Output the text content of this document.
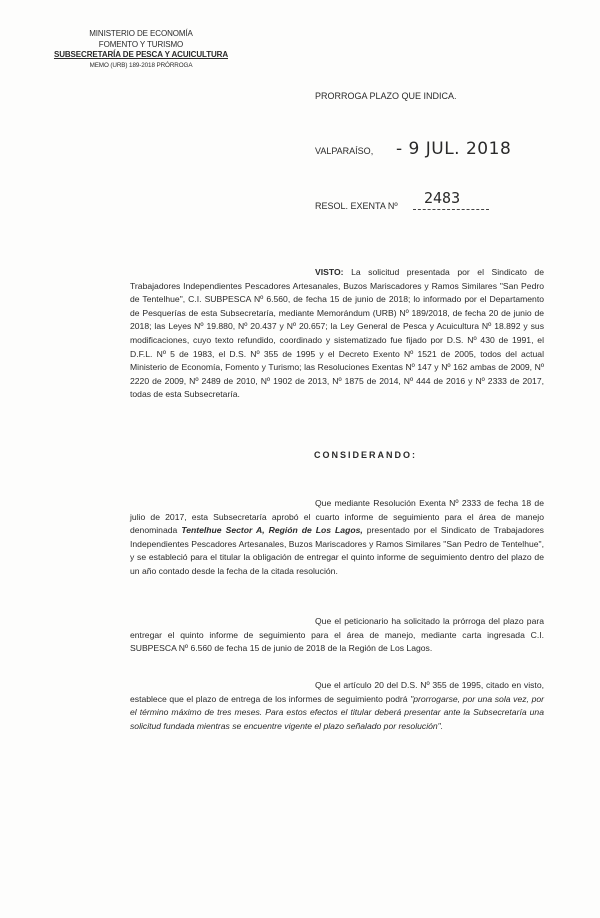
MINISTERIO DE ECONOMÍA
FOMENTO Y TURISMO
SUBSECRETARÍA DE PESCA Y ACUICULTURA
MEMO (URB) 189-2018 PRÓRROGA
PRORROGA PLAZO QUE INDICA.
VALPARAÍSO, - 9 JUL. 2018
RESOL. EXENTA Nº 2483
VISTO: La solicitud presentada por el Sindicato de Trabajadores Independientes Pescadores Artesanales, Buzos Mariscadores y Ramos Similares "San Pedro de Tentelhue", C.I. SUBPESCA Nº 6.560, de fecha 15 de junio de 2018; lo informado por el Departamento de Pesquerías de esta Subsecretaría, mediante Memorándum (URB) Nº 189/2018, de fecha 20 de junio de 2018; las Leyes Nº 19.880, Nº 20.437 y Nº 20.657; la Ley General de Pesca y Acuicultura Nº 18.892 y sus modificaciones, cuyo texto refundido, coordinado y sistematizado fue fijado por D.S. Nº 430 de 1991, el D.F.L. Nº 5 de 1983, el D.S. Nº 355 de 1995 y el Decreto Exento Nº 1521 de 2005, todos del actual Ministerio de Economía, Fomento y Turismo; las Resoluciones Exentas Nº 147 y Nº 162 ambas de 2009, Nº 2220 de 2009, Nº 2489 de 2010, Nº 1902 de 2013, Nº 1875 de 2014, Nº 444 de 2016 y Nº 2333 de 2017, todas de esta Subsecretaría.
CONSIDERANDO:
Que mediante Resolución Exenta Nº 2333 de fecha 18 de julio de 2017, esta Subsecretaría aprobó el cuarto informe de seguimiento para el área de manejo denominada Tentelhue Sector A, Región de Los Lagos, presentado por el Sindicato de Trabajadores Independientes Pescadores Artesanales, Buzos Mariscadores y Ramos Similares "San Pedro de Tentelhue", y se estableció para el titular la obligación de entregar el quinto informe de seguimiento dentro del plazo de un año contado desde la fecha de la citada resolución.
Que el peticionario ha solicitado la prórroga del plazo para entregar el quinto informe de seguimiento para el área de manejo, mediante carta ingresada C.I. SUBPESCA Nº 6.560 de fecha 15 de junio de 2018 de la Región de Los Lagos.
Que el artículo 20 del D.S. Nº 355 de 1995, citado en visto, establece que el plazo de entrega de los informes de seguimiento podrá "prorrogarse, por una sola vez, por el término máximo de tres meses. Para estos efectos el titular deberá presentar ante la Subsecretaría una solicitud fundada mientras se encuentre vigente el plazo señalado por resolución".
